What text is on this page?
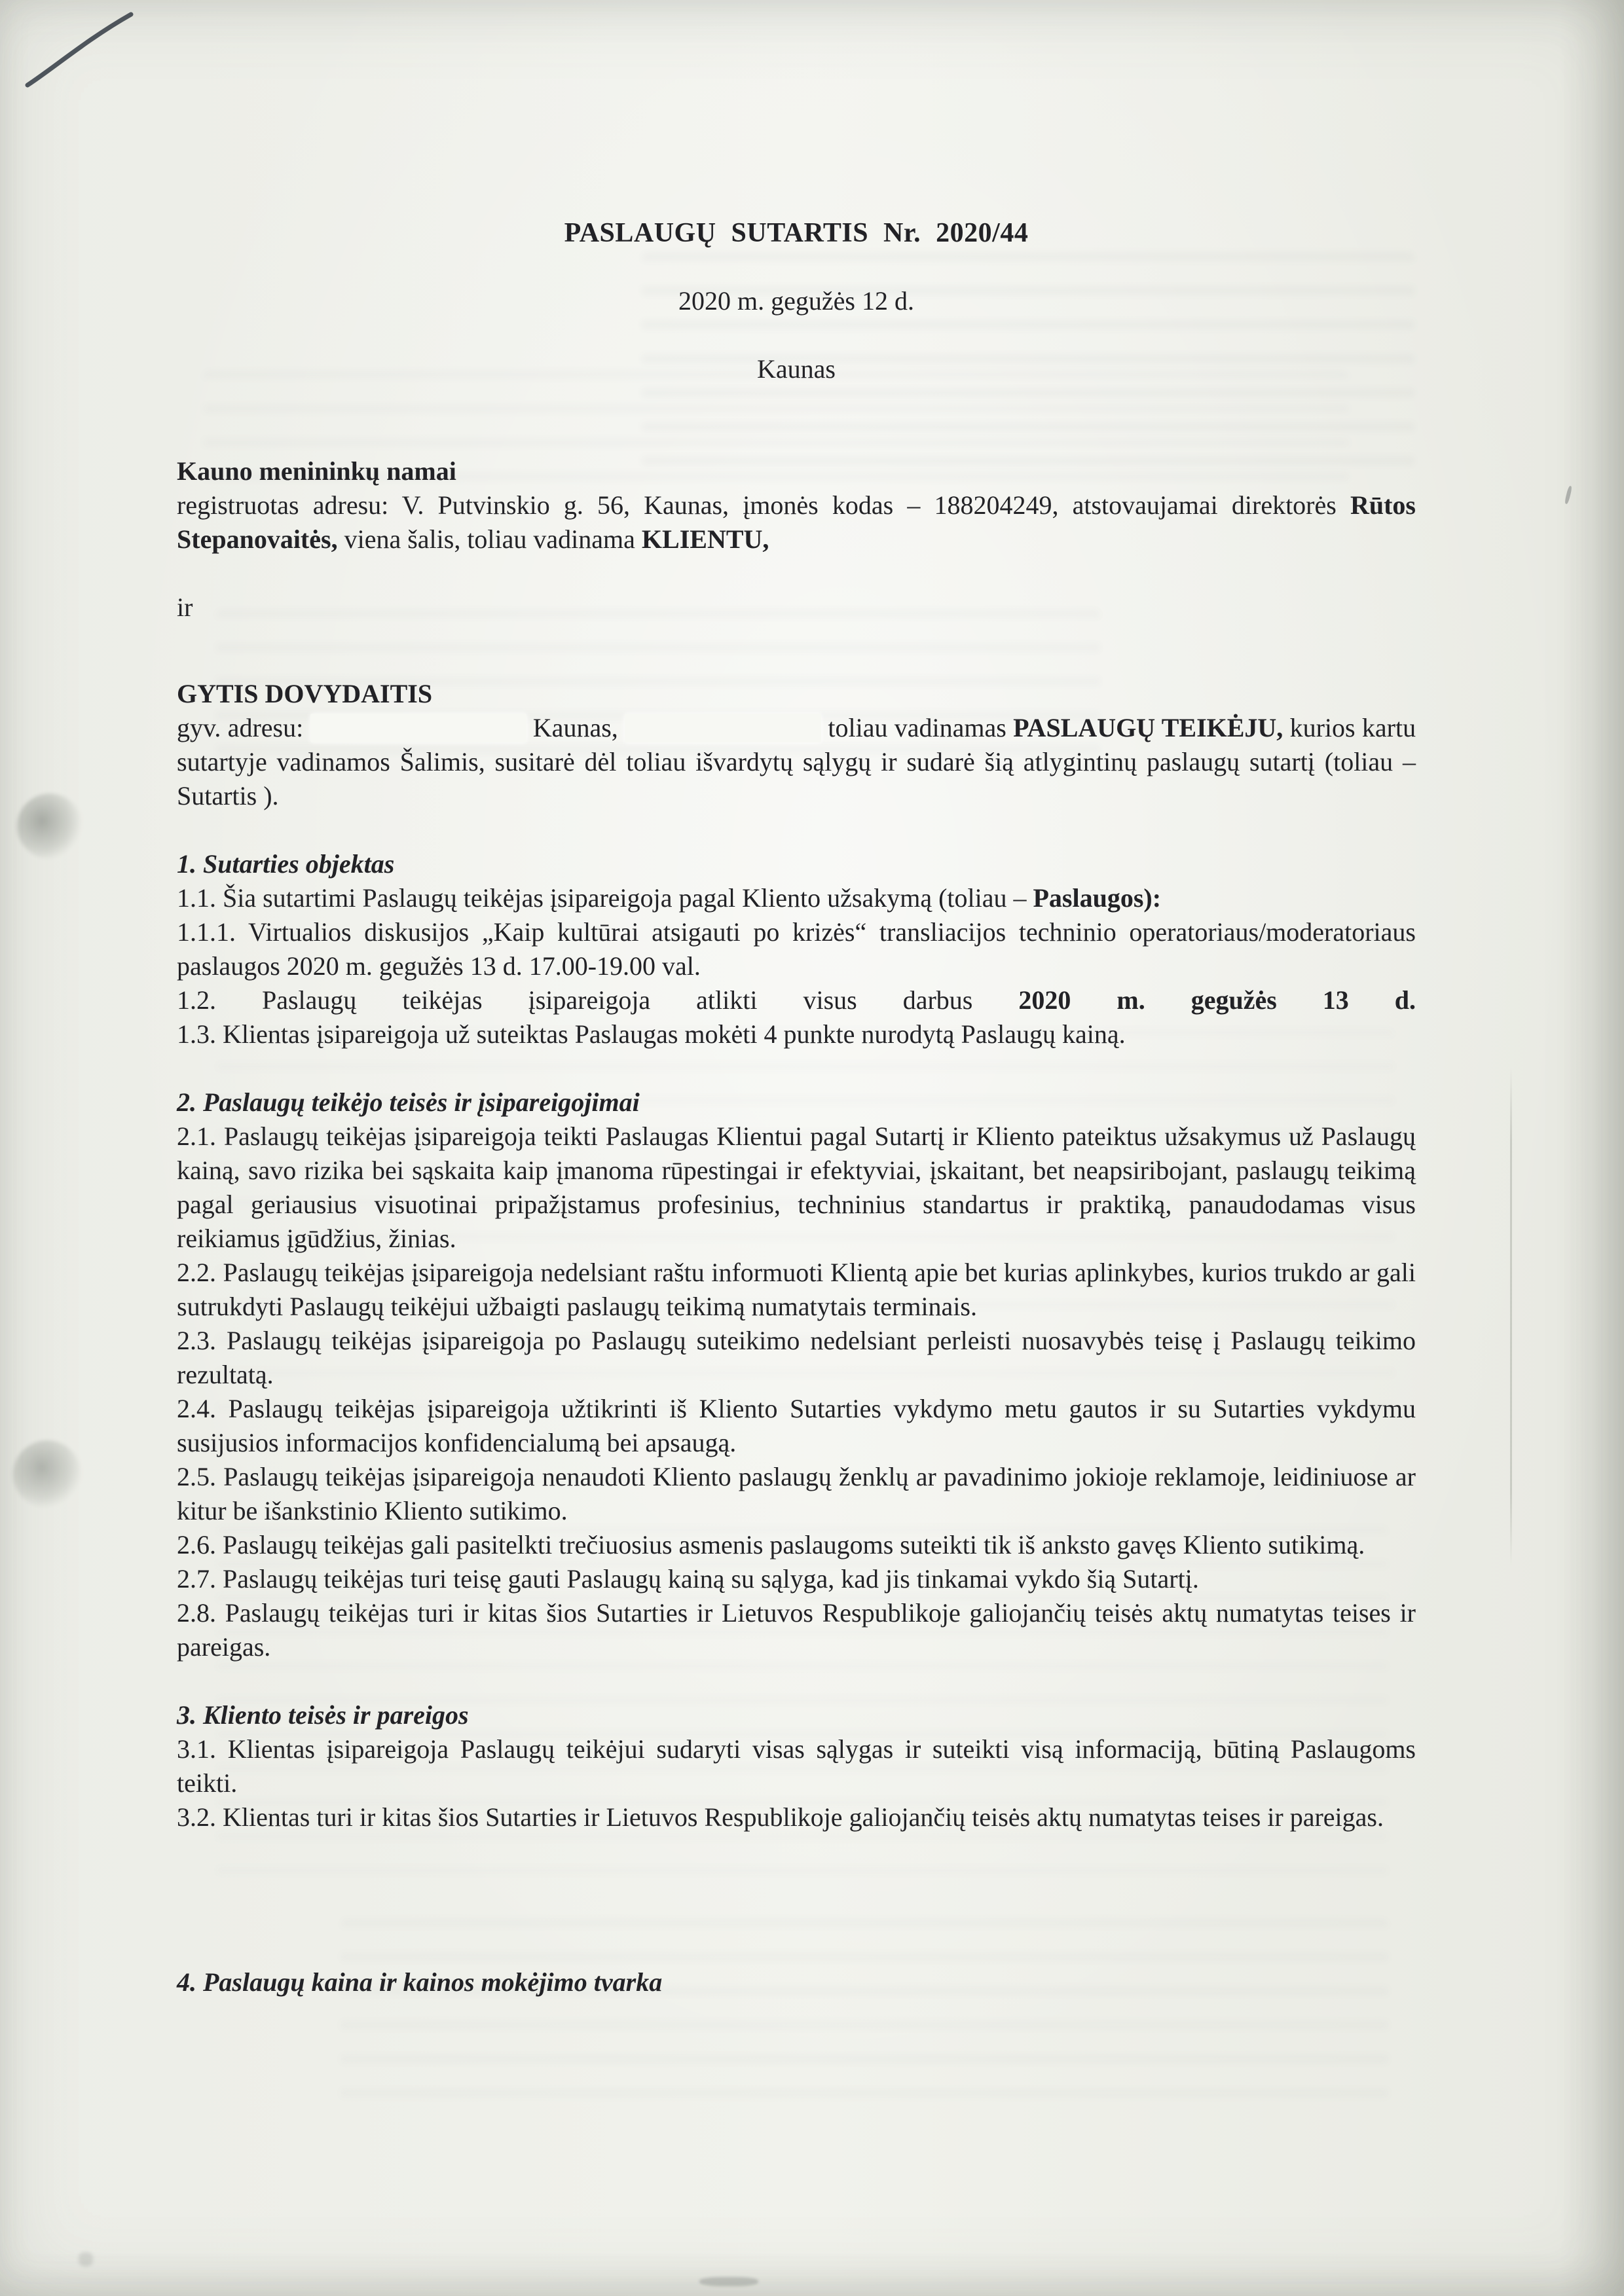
PASLAUGŲ SUTARTIS Nr. 2020/44

2020 m. gegužės 12 d.

Kaunas

Kauno menininkų namai
registruotas adresu: V. Putvinskio g. 56, Kaunas, įmonės kodas – 188204249, atstovaujamai direktorės Rūtos Stepanovaitės, viena šalis, toliau vadinama KLIENTU,

ir

GYTIS DOVYDAITIS
gyv. adresu:	Kaunas,	toliau vadinamas PASLAUGŲ TEIKĖJU, kurios kartu sutartyje vadinamos Šalimis, susitarė dėl toliau išvardytų sąlygų ir sudarė šią atlygintinų paslaugų sutartį (toliau – Sutartis ).

1. Sutarties objektas

1.1. Šia sutartimi Paslaugų teikėjas įsipareigoja pagal Kliento užsakymą (toliau – Paslaugos):

1.1.1. Virtualios diskusijos „Kaip kultūrai atsigauti po krizės“ transliacijos techninio operatoriaus/moderatoriaus paslaugos 2020 m. gegužės 13 d. 17.00-19.00 val.

1.2. Paslaugų teikėjas įsipareigoja atlikti visus darbus 2020 m. gegužės 13 d.

1.3. Klientas įsipareigoja už suteiktas Paslaugas mokėti 4 punkte nurodytą Paslaugų kainą.

2. Paslaugų teikėjo teisės ir įsipareigojimai

2.1. Paslaugų teikėjas įsipareigoja teikti Paslaugas Klientui pagal Sutartį ir Kliento pateiktus užsakymus už Paslaugų kainą, savo rizika bei sąskaita kaip įmanoma rūpestingai ir efektyviai, įskaitant, bet neapsiribojant, paslaugų teikimą pagal geriausius visuotinai pripažįstamus profesinius, techninius standartus ir praktiką, panaudodamas visus reikiamus įgūdžius, žinias.

2.2. Paslaugų teikėjas įsipareigoja nedelsiant raštu informuoti Klientą apie bet kurias aplinkybes, kurios trukdo ar gali sutrukdyti Paslaugų teikėjui užbaigti paslaugų teikimą numatytais terminais.

2.3. Paslaugų teikėjas įsipareigoja po Paslaugų suteikimo nedelsiant perleisti nuosavybės teisę į Paslaugų teikimo rezultatą.

2.4. Paslaugų teikėjas įsipareigoja užtikrinti iš Kliento Sutarties vykdymo metu gautos ir su Sutarties vykdymu susijusios informacijos konfidencialumą bei apsaugą.

2.5. Paslaugų teikėjas įsipareigoja nenaudoti Kliento paslaugų ženklų ar pavadinimo jokioje reklamoje, leidiniuose ar kitur be išankstinio Kliento sutikimo.

2.6. Paslaugų teikėjas gali pasitelkti trečiuosius asmenis paslaugoms suteikti tik iš anksto gavęs Kliento sutikimą.

2.7. Paslaugų teikėjas turi teisę gauti Paslaugų kainą su sąlyga, kad jis tinkamai vykdo šią Sutartį.

2.8. Paslaugų teikėjas turi ir kitas šios Sutarties ir Lietuvos Respublikoje galiojančių teisės aktų numatytas teises ir pareigas.

3. Kliento teisės ir pareigos

3.1. Klientas įsipareigoja Paslaugų teikėjui sudaryti visas sąlygas ir suteikti visą informaciją, būtiną Paslaugoms teikti.

3.2. Klientas turi ir kitas šios Sutarties ir Lietuvos Respublikoje galiojančių teisės aktų numatytas teises ir pareigas.

4. Paslaugų kaina ir kainos mokėjimo tvarka
